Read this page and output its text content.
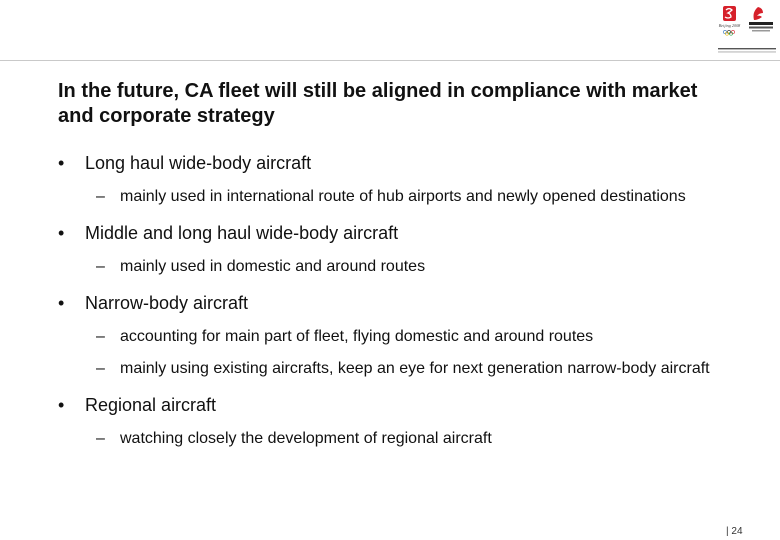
Beijing 2008
In the future, CA fleet will still be aligned in compliance with market and corporate strategy
• Long haul wide-body aircraft
– mainly used in international route of hub airports and newly opened destinations
• Middle and long haul wide-body aircraft
– mainly used in domestic and around routes
• Narrow-body aircraft
– accounting for main part of fleet, flying domestic and around routes
– mainly using existing aircrafts, keep an eye for next generation narrow-body aircraft
• Regional aircraft
– watching closely the development of regional aircraft
| 24
